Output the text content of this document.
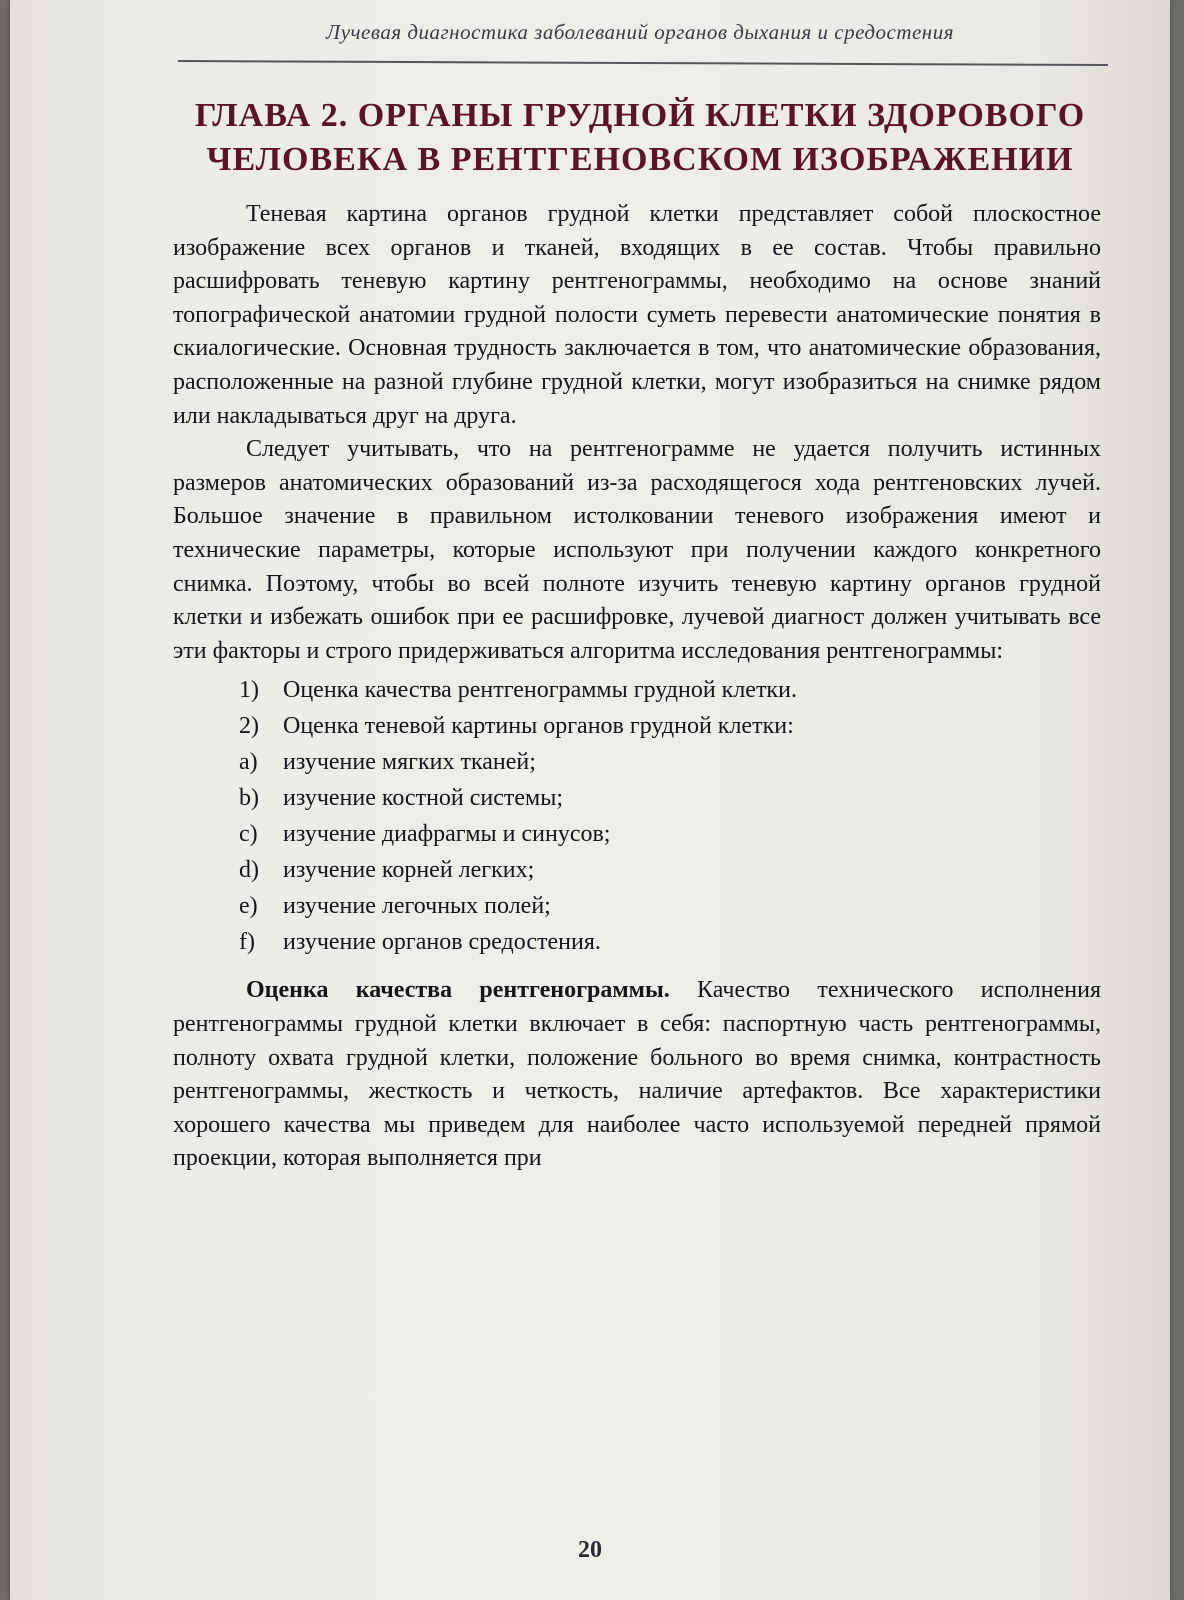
Лучевая диагностика заболеваний органов дыхания и средостения
ГЛАВА 2. ОРГАНЫ ГРУДНОЙ КЛЕТКИ ЗДОРОВОГО
ЧЕЛОВЕКА В РЕНТГЕНОВСКОМ ИЗОБРАЖЕНИИ

Теневая картина органов грудной клетки представляет собой плоскостное изображение всех органов и тканей, входящих в ее состав. Чтобы правильно расшифровать теневую картину рентгенограммы, необходимо на основе знаний топографической анатомии грудной полости суметь перевести анатомические понятия в скиалогические. Основная трудность заключается в том, что анатомические образования, расположенные на разной глубине грудной клетки, могут изобразиться на снимке рядом или накладываться друг на друга.

Следует учитывать, что на рентгенограмме не удается получить истинных размеров анатомических образований из-за расходящегося хода рентгеновских лучей. Большое значение в правильном истолковании теневого изображения имеют и технические параметры, которые используют при получении каждого конкретного снимка. Поэтому, чтобы во всей полноте изучить теневую картину органов грудной клетки и избежать ошибок при ее расшифровке, лучевой диагност должен учитывать все эти факторы и строго придерживаться алгоритма исследования рентгенограммы:

1) Оценка качества рентгенограммы грудной клетки.
2) Оценка теневой картины органов грудной клетки:
a) изучение мягких тканей;
b) изучение костной системы;
c) изучение диафрагмы и синусов;
d) изучение корней легких;
e) изучение легочных полей;
f) изучение органов средостения.

Оценка качества рентгенограммы. Качество технического исполнения рентгенограммы грудной клетки включает в себя: паспортную часть рентгенограммы, полноту охвата грудной клетки, положение больного во время снимка, контрастность рентгенограммы, жесткость и четкость, наличие артефактов. Все характеристики хорошего качества мы приведем для наиболее часто используемой передней прямой проекции, которая выполняется при

20
